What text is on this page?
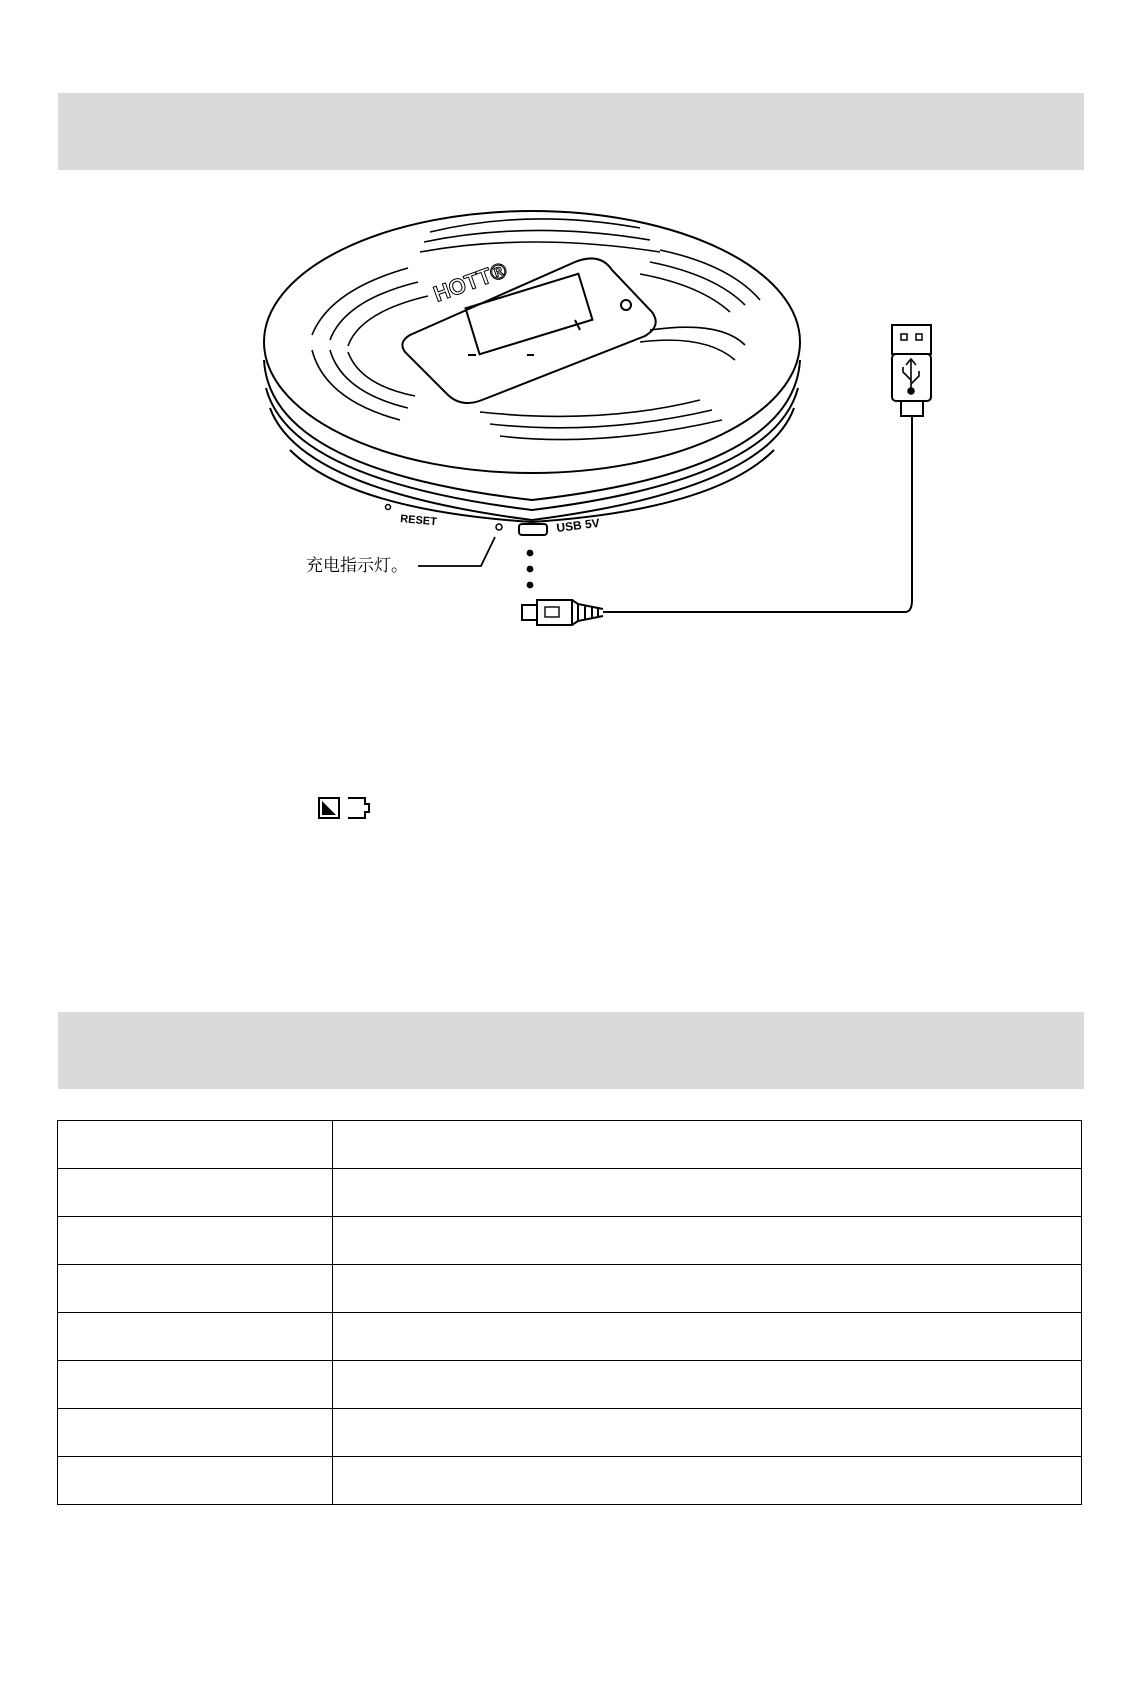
HOTT®
RESET	USB 5V
充电指示灯。
